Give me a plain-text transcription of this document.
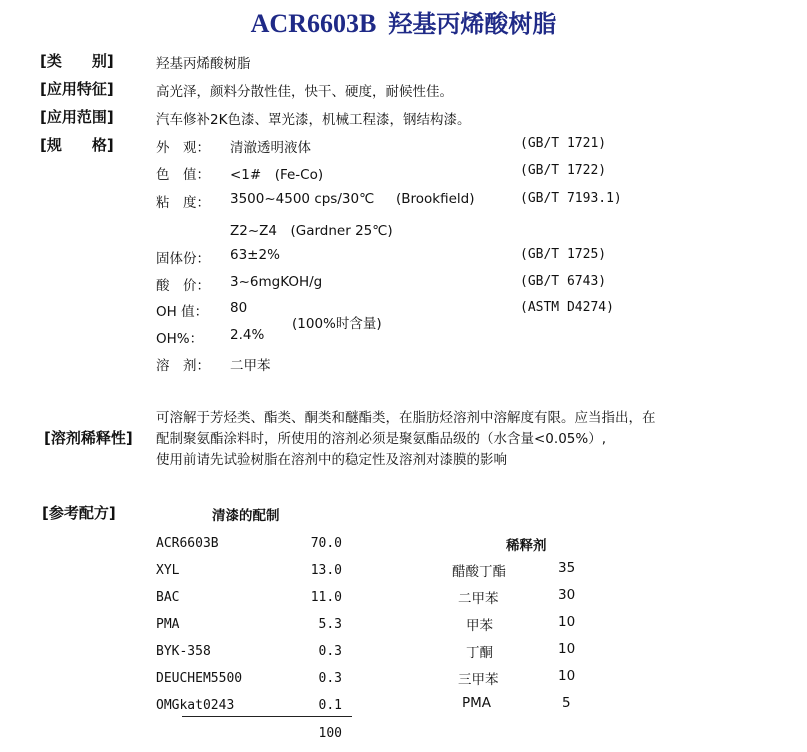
ACR6603B 羟基丙烯酸树脂
[类　　别]	羟基丙烯酸树脂
[应用特征]	高光泽，颜料分散性佳，快干、硬度，耐候性佳。
[应用范围]	汽车修补2K色漆、罩光漆，机械工程漆，钢结构漆。
[规　　格]	外　观： 清澈透明液体	(GB/T 1721)
色　值： <1#　(Fe-Co)	(GB/T 1722)
粘　度： 3500~4500 cps/30℃ (Brookfield)	(GB/T 7193.1)
Z2~Z4　(Gardner 25℃)
固体份： 63±2%	(GB/T 1725)
酸　价： 3~6mgKOH/g	(GB/T 6743)
OH 值： 80	(ASTM D4274)
(100%时含量)
OH%： 2.4%
溶　剂： 二甲苯
[溶剂稀释性]
可溶解于芳烃类、酯类、酮类和醚酯类，在脂肪烃溶剂中溶解度有限。应当指出，在
配制聚氨酯涂料时，所使用的溶剂必须是聚氨酯品级的（水含量<0.05%）,
使用前请先试验树脂在溶剂中的稳定性及溶剂对漆膜的影响
[参考配方]	清漆的配制
稀释剂
ACR6603B	70.0
XYL	13.0
BAC	11.0
PMA	5.3
BYK-358	0.3
DEUCHEM5500	0.3
OMGkat0243	0.1
100
醋酸丁酯	35
二甲苯	30
甲苯	10
丁酮	10
三甲苯	10
PMA	5
